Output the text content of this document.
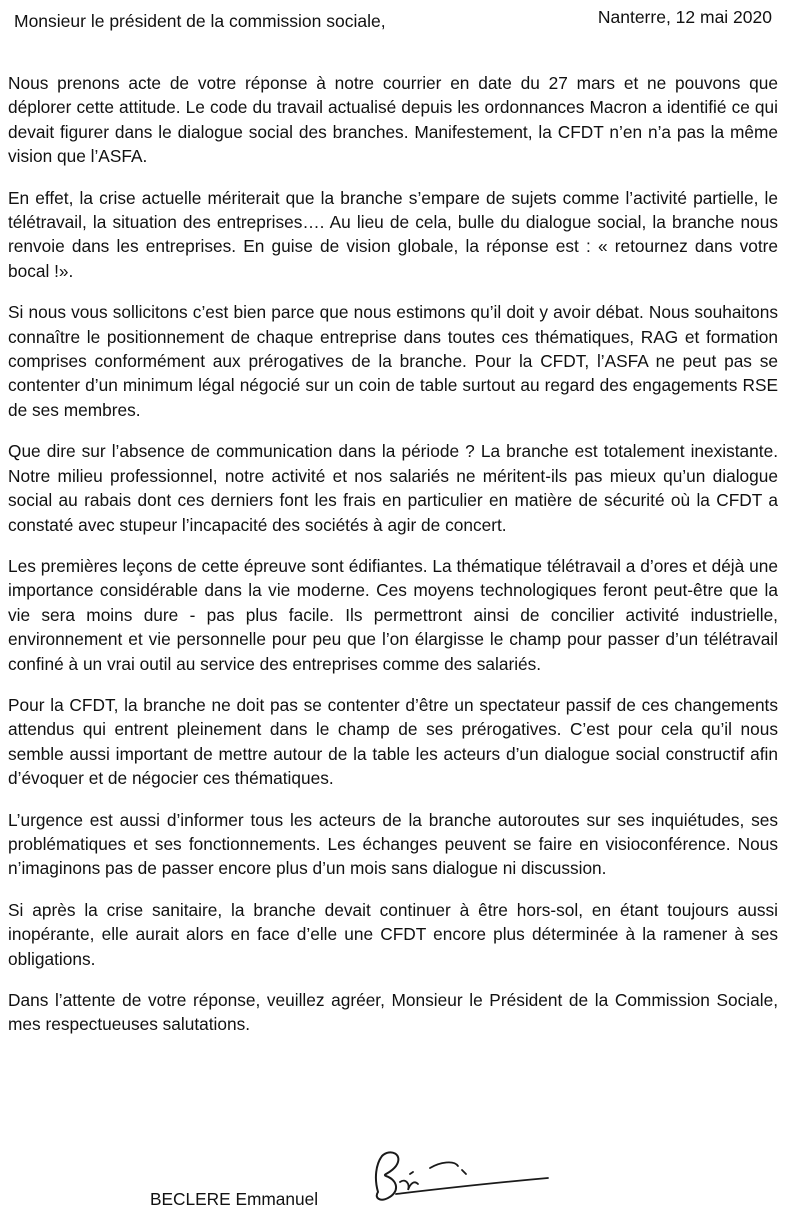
Monsieur le président de la commission sociale,	Nanterre, 12 mai 2020

Nous prenons acte de votre réponse à notre courrier en date du 27 mars et ne pouvons que déplorer cette attitude. Le code du travail actualisé depuis les ordonnances Macron a identifié ce qui devait figurer dans le dialogue social des branches. Manifestement, la CFDT n’en n’a pas la même vision que l’ASFA.

En effet, la crise actuelle mériterait que la branche s’empare de sujets comme l’activité partielle, le télétravail, la situation des entreprises…. Au lieu de cela, bulle du dialogue social, la branche nous renvoie dans les entreprises. En guise de vision globale, la réponse est : « retournez dans votre bocal !».

Si nous vous sollicitons c’est bien parce que nous estimons qu’il doit y avoir débat. Nous souhaitons connaître le positionnement de chaque entreprise dans toutes ces thématiques, RAG et formation comprises conformément aux prérogatives de la branche. Pour la CFDT, l’ASFA ne peut pas se contenter d’un minimum légal négocié sur un coin de table surtout au regard des engagements RSE de ses membres.

Que dire sur l’absence de communication dans la période ? La branche est totalement inexistante. Notre milieu professionnel, notre activité et nos salariés ne méritent-ils pas mieux qu’un dialogue social au rabais dont ces derniers font les frais en particulier en matière de sécurité où la CFDT a constaté avec stupeur l’incapacité des sociétés à agir de concert.

Les premières leçons de cette épreuve sont édifiantes. La thématique télétravail a d’ores et déjà une importance considérable dans la vie moderne. Ces moyens technologiques feront peut-être que la vie sera moins dure - pas plus facile. Ils permettront ainsi de concilier activité industrielle, environnement et vie personnelle pour peu que l’on élargisse le champ pour passer d’un télétravail confiné à un vrai outil au service des entreprises comme des salariés.

Pour la CFDT, la branche ne doit pas se contenter d’être un spectateur passif de ces changements attendus qui entrent pleinement dans le champ de ses prérogatives. C’est pour cela qu’il nous semble aussi important de mettre autour de la table les acteurs d’un dialogue social constructif afin d’évoquer et de négocier ces thématiques.

L’urgence est aussi d’informer tous les acteurs de la branche autoroutes sur ses inquiétudes, ses problématiques et ses fonctionnements. Les échanges peuvent se faire en visioconférence. Nous n’imaginons pas de passer encore plus d’un mois sans dialogue ni discussion.

Si après la crise sanitaire, la branche devait continuer à être hors-sol, en étant toujours aussi inopérante, elle aurait alors en face d’elle une CFDT encore plus déterminée à la ramener à ses obligations.

Dans l’attente de votre réponse, veuillez agréer, Monsieur le Président de la Commission Sociale, mes respectueuses salutations.

BECLERE Emmanuel
